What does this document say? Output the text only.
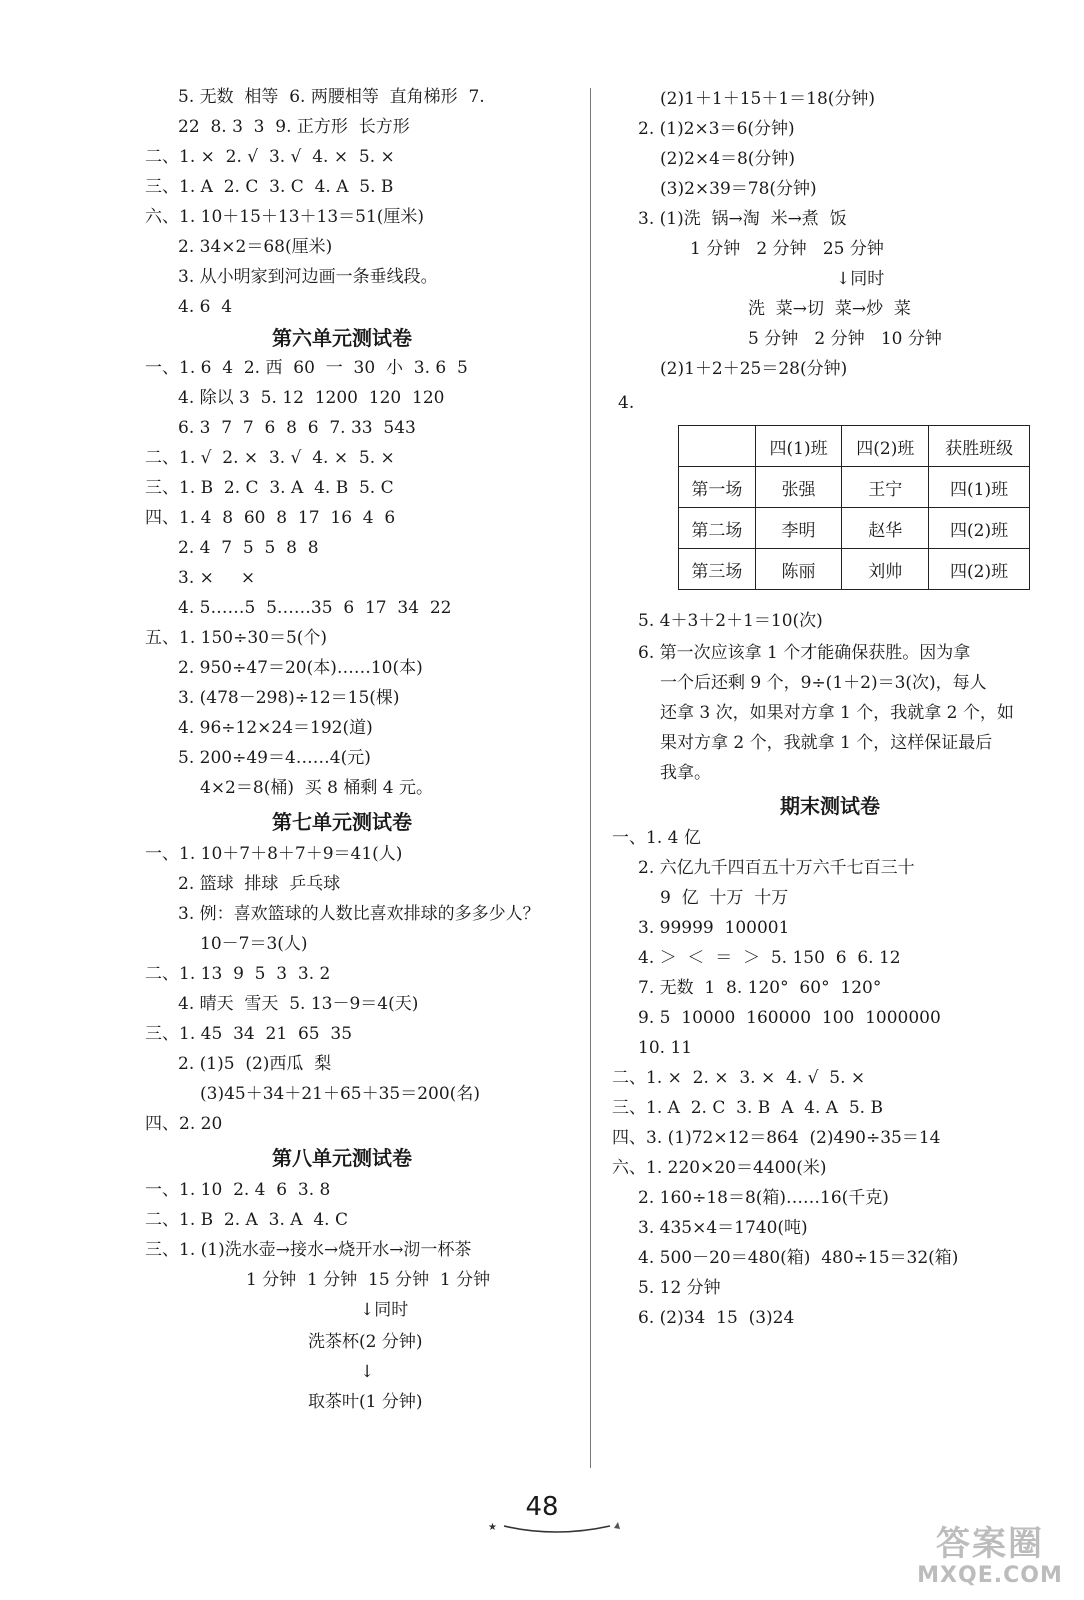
5. 无数  相等  6. 两腰相等  直角梯形  7.
22  8. 3  3  9. 正方形  长方形
二、1. ×  2. √  3. √  4. ×  5. ×
三、1. A  2. C  3. C  4. A  5. B
六、1. 10＋15＋13＋13＝51(厘米)
2. 34×2＝68(厘米)
3. 从小明家到河边画一条垂线段。
4. 6  4
第六单元测试卷
一、1. 6  4  2. 西  60  一  30  小  3. 6  5
4. 除以 3  5. 12  1200  120  120
6. 3  7  7  6  8  6  7. 33  543
二、1. √  2. ×  3. √  4. ×  5. ×
三、1. B  2. C  3. A  4. B  5. C
四、1. 4  8  60  8  17  16  4  6
2. 4  7  5  5  8  8
3. ×     ×
4. 5……5  5……35  6  17  34  22
五、1. 150÷30＝5(个)
2. 950÷47＝20(本)……10(本)
3. (478－298)÷12＝15(棵)
4. 96÷12×24＝192(道)
5. 200÷49＝4……4(元)
4×2＝8(桶)  买 8 桶剩 4 元。
第七单元测试卷
一、1. 10＋7＋8＋7＋9＝41(人)
2. 篮球  排球  乒乓球
3. 例：喜欢篮球的人数比喜欢排球的多多少人？
10－7＝3(人)
二、1. 13  9  5  3  3. 2
4. 晴天  雪天  5. 13－9＝4(天)
三、1. 45  34  21  65  35
2. (1)5  (2)西瓜  梨
(3)45＋34＋21＋65＋35＝200(名)
四、2. 20
第八单元测试卷
一、1. 10  2. 4  6  3. 8
二、1. B  2. A  3. A  4. C
三、1. (1)洗水壶→接水→烧开水→沏一杯茶
1 分钟  1 分钟  15 分钟  1 分钟
↓同时
洗茶杯(2 分钟)
↓
取茶叶(1 分钟)
(2)1＋1＋15＋1＝18(分钟)
2. (1)2×3＝6(分钟)
(2)2×4＝8(分钟)
(3)2×39＝78(分钟)
3. (1)洗  锅→淘  米→煮  饭
1 分钟   2 分钟   25 分钟
↓同时
洗  菜→切  菜→炒  菜
5 分钟   2 分钟   10 分钟
(2)1＋2＋25＝28(分钟)
4.
	四(1)班	四(2)班	获胜班级
第一场	张强	王宁	四(1)班
第二场	李明	赵华	四(2)班
第三场	陈丽	刘帅	四(2)班
5. 4＋3＋2＋1＝10(次)
6. 第一次应该拿 1 个才能确保获胜。因为拿
一个后还剩 9 个，9÷(1＋2)＝3(次)，每人
还拿 3 次，如果对方拿 1 个，我就拿 2 个，如
果对方拿 2 个，我就拿 1 个，这样保证最后
我拿。
期末测试卷
一、1. 4 亿
2. 六亿九千四百五十万六千七百三十
9  亿  十万  十万
3. 99999  100001
4. ＞  ＜  ＝  ＞  5. 150  6  6. 12
7. 无数  1  8. 120°  60°  120°
9. 5  10000  160000  100  1000000
10. 11
二、1. ×  2. ×  3. ×  4. √  5. ×
三、1. A  2. C  3. B  A  4. A  5. B
四、3. (1)72×12＝864  (2)490÷35＝14
六、1. 220×20＝4400(米)
2. 160÷18＝8(箱)……16(千克)
3. 435×4＝1740(吨)
4. 500－20＝480(箱)  480÷15＝32(箱)
5. 12 分钟
6. (2)34  15  (3)24
48
★	答案圈
MXQE.COM
